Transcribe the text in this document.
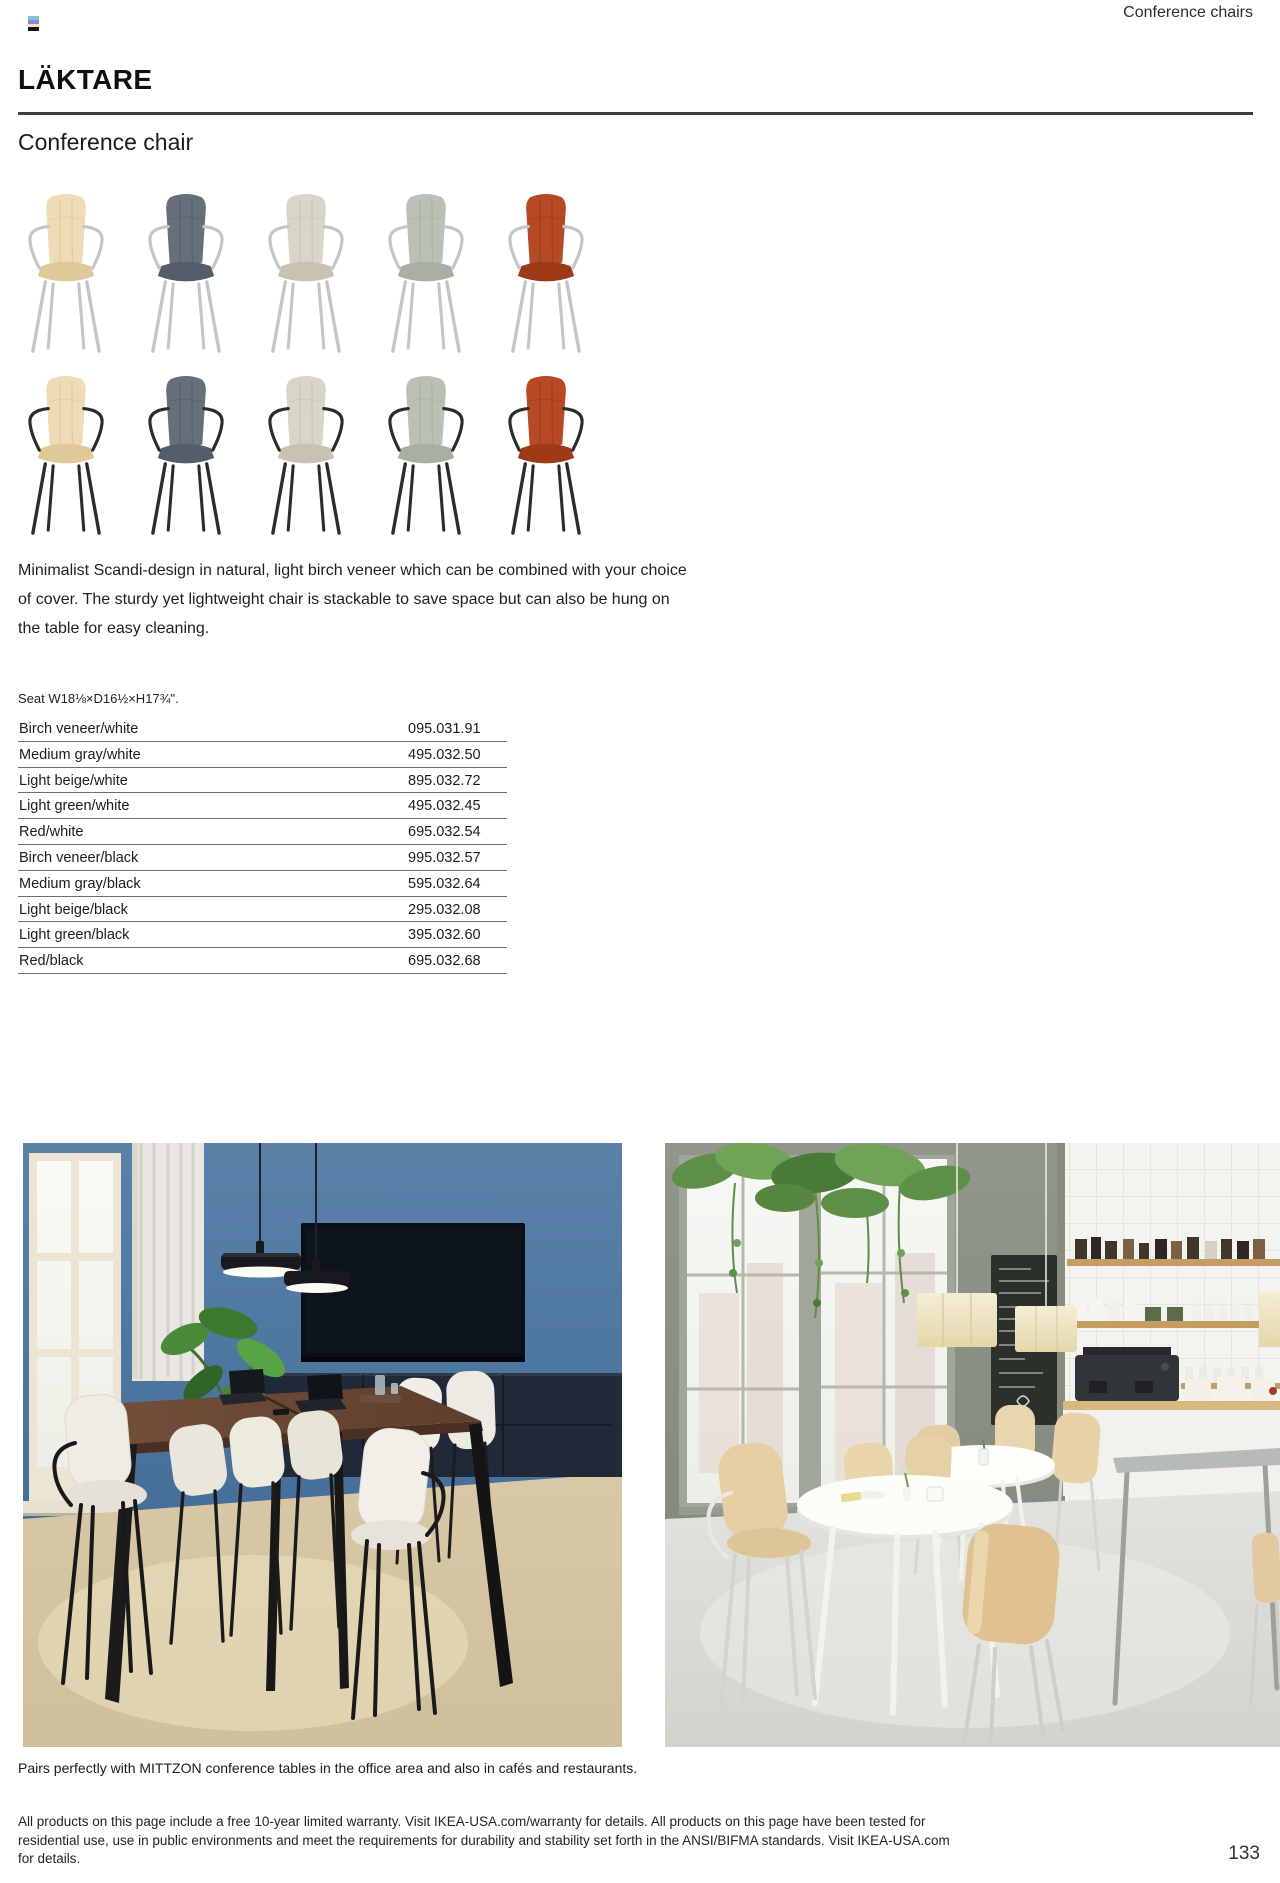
Conference chairs
LÄKTARE
Conference chair
Minimalist Scandi-design in natural, light birch veneer which can be combined with your choice of cover. The sturdy yet lightweight chair is stackable to save space but can also be hung on the table for easy cleaning.
Seat W18⅛×D16½×H17¾".
Birch veneer/white	095.031.91
Medium gray/white	495.032.50
Light beige/white	895.032.72
Light green/white	495.032.45
Red/white	695.032.54
Birch veneer/black	995.032.57
Medium gray/black	595.032.64
Light beige/black	295.032.08
Light green/black	395.032.60
Red/black	695.032.68
Pairs perfectly with MITTZON conference tables in the office area and also in cafés and restaurants.
All products on this page include a free 10-year limited warranty. Visit IKEA-USA.com/warranty for details. All products on this page have been tested for
residential use, use in public environments and meet the requirements for durability and stability set forth in the ANSI/BIFMA standards. Visit IKEA-USA.com
for details.	133
